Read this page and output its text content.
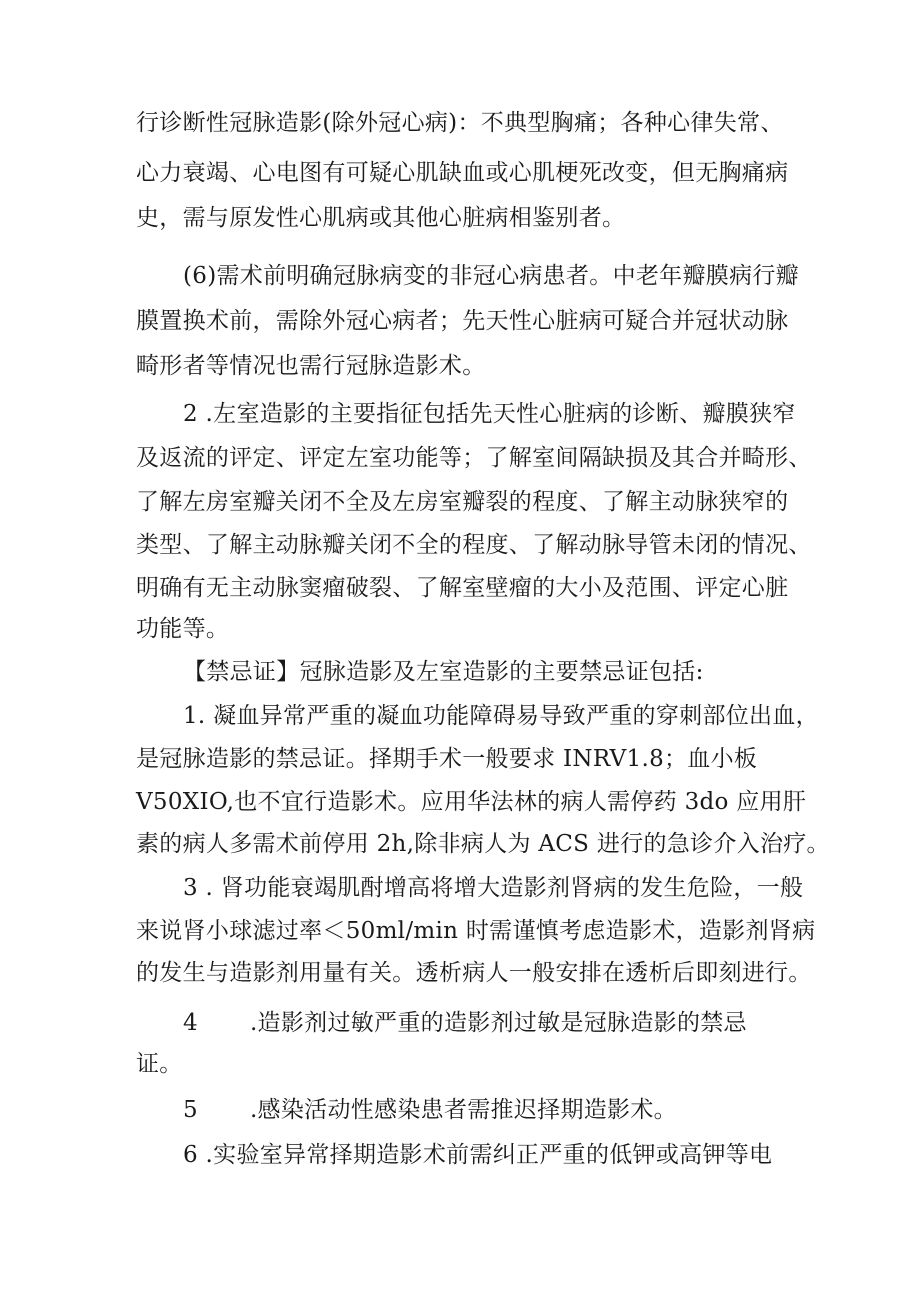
行诊断性冠脉造影(除外冠心病)：不典型胸痛；各种心律失常、
心力衰竭、心电图有可疑心肌缺血或心肌梗死改变，但无胸痛病
史，需与原发性心肌病或其他心脏病相鉴别者。
(6)需术前明确冠脉病变的非冠心病患者。中老年瓣膜病行瓣
膜置换术前，需除外冠心病者；先天性心脏病可疑合并冠状动脉
畸形者等情况也需行冠脉造影术。
2 .左室造影的主要指征包括先天性心脏病的诊断、瓣膜狭窄
及返流的评定、评定左室功能等；了解室间隔缺损及其合并畸形、
了解左房室瓣关闭不全及左房室瓣裂的程度、了解主动脉狭窄的
类型、了解主动脉瓣关闭不全的程度、了解动脉导管未闭的情况、
明确有无主动脉窦瘤破裂、了解室壁瘤的大小及范围、评定心脏
功能等。
【禁忌证】冠脉造影及左室造影的主要禁忌证包括:
1. 凝血异常严重的凝血功能障碍易导致严重的穿刺部位出血，
是冠脉造影的禁忌证。择期手术一般要求 INRV1.8；血小板
V50XIO,也不宜行造影术。应用华法林的病人需停药 3do 应用肝
素的病人多需术前停用 2h,除非病人为 ACS 进行的急诊介入治疗。
3 . 肾功能衰竭肌酎增高将增大造影剂肾病的发生危险，一般
来说肾小球滤过率＜50ml/min 时需谨慎考虑造影术，造影剂肾病
的发生与造影剂用量有关。透析病人一般安排在透析后即刻进行。
4 .造影剂过敏严重的造影剂过敏是冠脉造影的禁忌
证。
5 .感染活动性感染患者需推迟择期造影术。
6 .实验室异常择期造影术前需纠正严重的低钾或高钾等电
